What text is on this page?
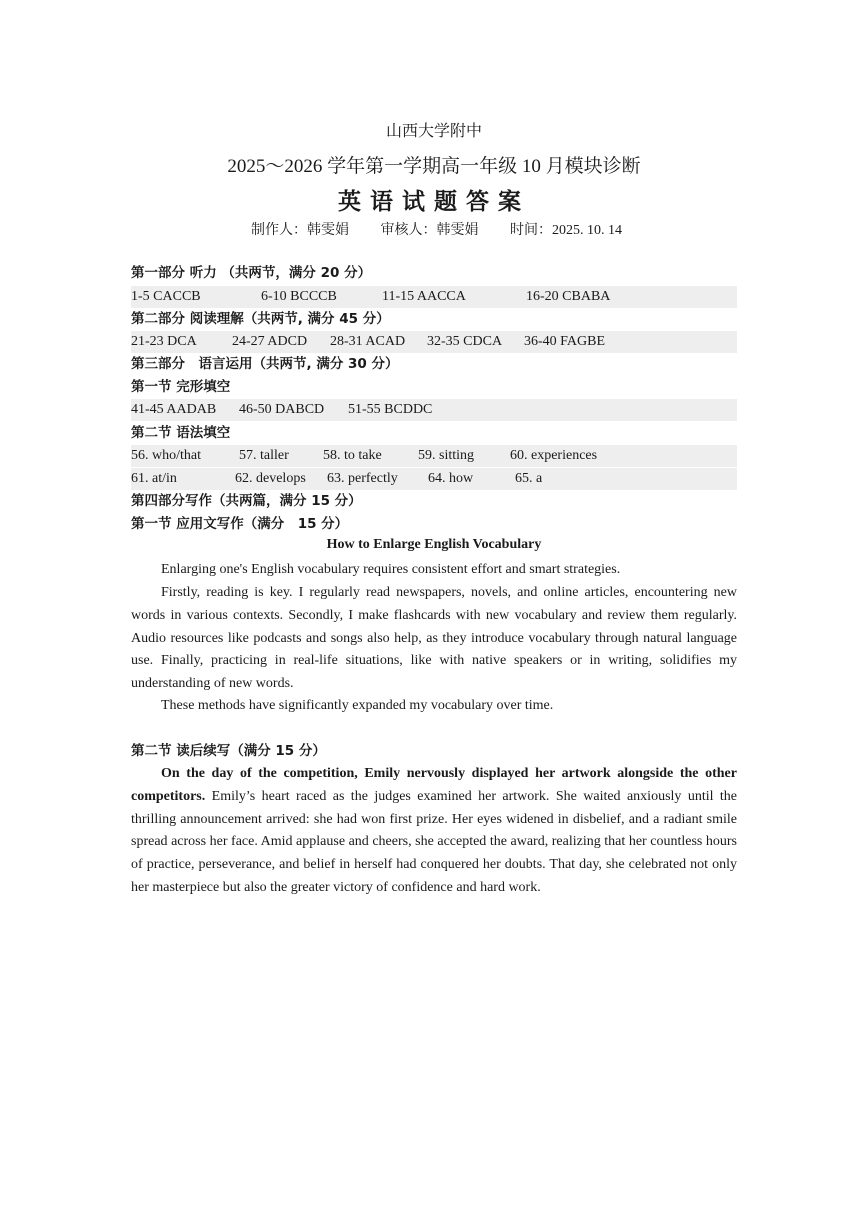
山西大学附中
2025～2026 学年第一学期高一年级 10 月模块诊断
英语试题答案
制作人：韩雯娟 审核人：韩雯娟 时间：2025. 10. 14
第一部分 听力 （共两节，满分 20 分）
1-5 CACCB	6-10 BCCCB	11-15 AACCA	16-20 CBABA
第二部分 阅读理解（共两节, 满分 45 分）
21-23 DCA	24-27 ADCD 28-31 ACAD 32-35 CDCA 36-40 FAGBE
第三部分　语言运用（共两节, 满分 30 分）
第一节 完形填空
41-45 AADAB 46-50 DABCD 51-55 BCDDC
第二节 语法填空
56. who/that	57. taller 58. to take	59. sitting	60. experiences
61. at/in	62. develops 63. perfectly 64. how	65. a
第四部分写作（共两篇，满分 15 分）
第一节 应用文写作（满分　15 分）
How to Enlarge English Vocabulary

Enlarging one's English vocabulary requires consistent effort and smart strategies.

Firstly, reading is key. I regularly read newspapers, novels, and online articles, encountering new words in various contexts. Secondly, I make flashcards with new vocabulary and review them regularly. Audio resources like podcasts and songs also help, as they introduce vocabulary through natural language use. Finally, practicing in real-life situations, like with native speakers or in writing, solidifies my understanding of new words.

These methods have significantly expanded my vocabulary over time.

第二节 读后续写（满分 15 分）

On the day of the competition, Emily nervously displayed her artwork alongside the other competitors. Emily’s heart raced as the judges examined her artwork. She waited anxiously until the thrilling announcement arrived: she had won first prize. Her eyes widened in disbelief, and a radiant smile spread across her face. Amid applause and cheers, she accepted the award, realizing that her countless hours of practice, perseverance, and belief in herself had conquered her doubts. That day, she celebrated not only her masterpiece but also the greater victory of confidence and hard work.
